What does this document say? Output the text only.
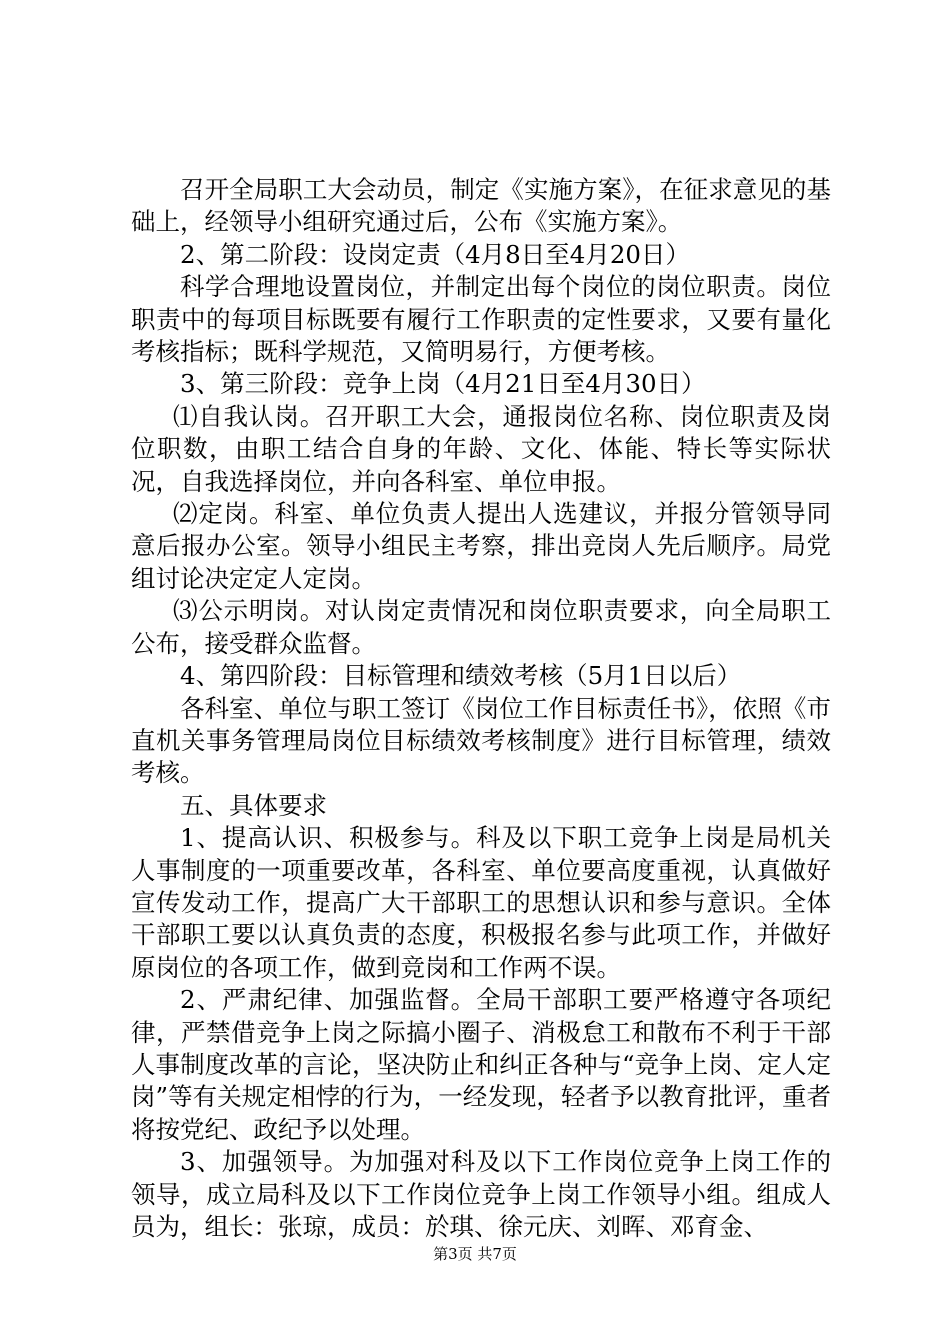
召开全局职工大会动员，制定《实施方案》，在征求意见的基础上，经领导小组研究通过后，公布《实施方案》。

2、第二阶段：设岗定责（4月8日至4月20日）

科学合理地设置岗位，并制定出每个岗位的岗位职责。岗位职责中的每项目标既要有履行工作职责的定性要求，又要有量化考核指标；既科学规范，又简明易行，方便考核。

3、第三阶段：竞争上岗（4月21日至4月30日）

⑴自我认岗。召开职工大会，通报岗位名称、岗位职责及岗位职数，由职工结合自身的年龄、文化、体能、特长等实际状况，自我选择岗位，并向各科室、单位申报。

⑵定岗。科室、单位负责人提出人选建议，并报分管领导同意后报办公室。领导小组民主考察，排出竞岗人先后顺序。局党组讨论决定定人定岗。

⑶公示明岗。对认岗定责情况和岗位职责要求，向全局职工公布，接受群众监督。

4、第四阶段：目标管理和绩效考核（5月1日以后）

各科室、单位与职工签订《岗位工作目标责任书》，依照《市直机关事务管理局岗位目标绩效考核制度》进行目标管理，绩效考核。

五、具体要求

1、提高认识、积极参与。科及以下职工竞争上岗是局机关人事制度的一项重要改革，各科室、单位要高度重视，认真做好宣传发动工作，提高广大干部职工的思想认识和参与意识。全体干部职工要以认真负责的态度，积极报名参与此项工作，并做好原岗位的各项工作，做到竞岗和工作两不误。

2、严肃纪律、加强监督。全局干部职工要严格遵守各项纪律，严禁借竞争上岗之际搞小圈子、消极怠工和散布不利于干部人事制度改革的言论，坚决防止和纠正各种与“竞争上岗、定人定岗”等有关规定相悖的行为，一经发现，轻者予以教育批评，重者将按党纪、政纪予以处理。

3、加强领导。为加强对科及以下工作岗位竞争上岗工作的领导，成立局科及以下工作岗位竞争上岗工作领导小组。组成人员为，组长：张琼，成员：於琪、徐元庆、刘晖、邓育金、

第3页 共7页
